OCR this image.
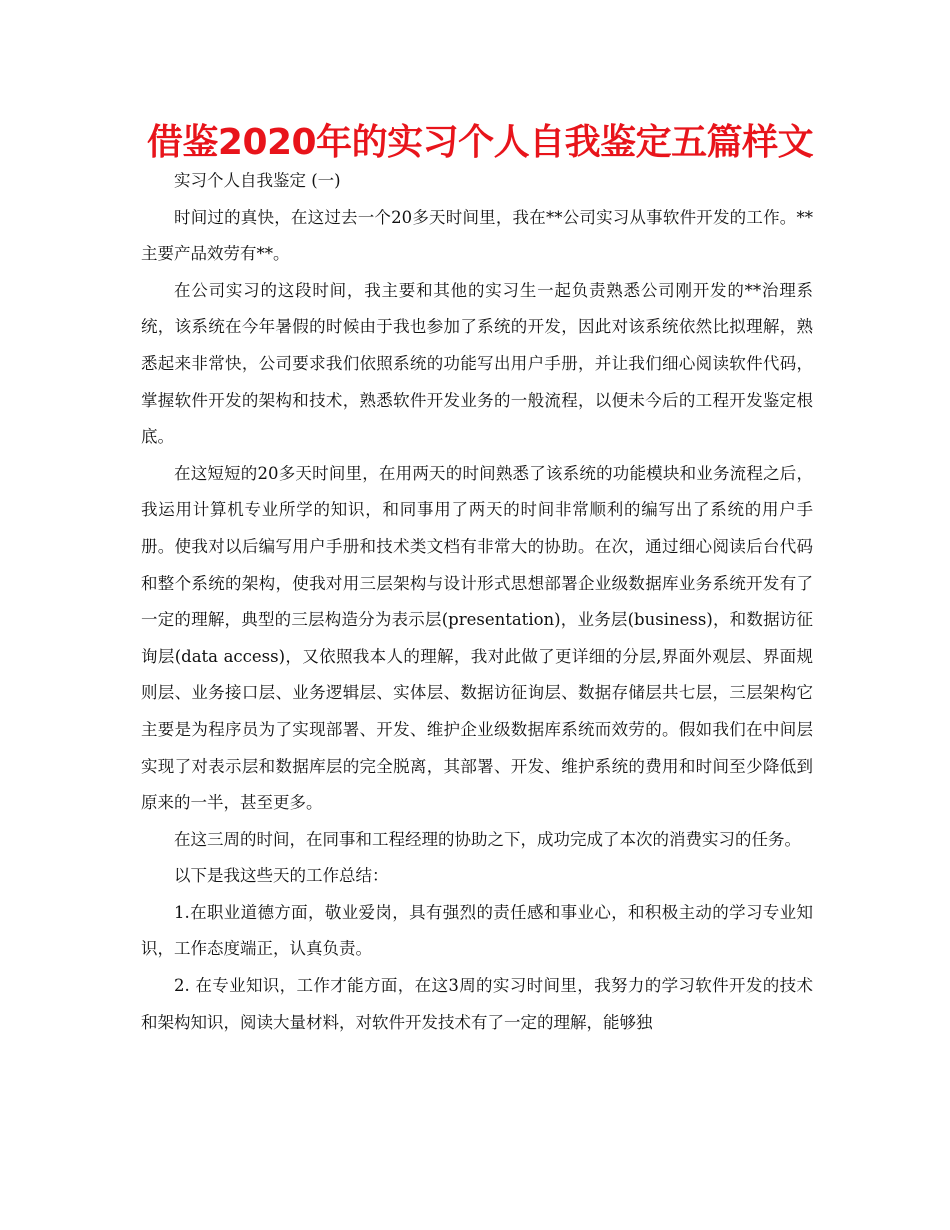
借鉴2020年的实习个人自我鉴定五篇样文

实习个人自我鉴定 (一)

时间过的真快，在这过去一个20多天时间里，我在**公司实习从事软件开发的工作。**主要产品效劳有**。

在公司实习的这段时间，我主要和其他的实习生一起负责熟悉公司刚开发的**治理系统，该系统在今年暑假的时候由于我也参加了系统的开发，因此对该系统依然比拟理解，熟悉起来非常快，公司要求我们依照系统的功能写出用户手册，并让我们细心阅读软件代码，掌握软件开发的架构和技术，熟悉软件开发业务的一般流程，以便未今后的工程开发鉴定根底。

在这短短的20多天时间里，在用两天的时间熟悉了该系统的功能模块和业务流程之后，我运用计算机专业所学的知识，和同事用了两天的时间非常顺利的编写出了系统的用户手册。使我对以后编写用户手册和技术类文档有非常大的协助。在次，通过细心阅读后台代码和整个系统的架构，使我对用三层架构与设计形式思想部署企业级数据库业务系统开发有了一定的理解，典型的三层构造分为表示层(presentation)，业务层(business)，和数据访征询层(data access)，又依照我本人的理解，我对此做了更详细的分层,界面外观层、界面规则层、业务接口层、业务逻辑层、实体层、数据访征询层、数据存储层共七层，三层架构它主要是为程序员为了实现部署、开发、维护企业级数据库系统而效劳的。假如我们在中间层实现了对表示层和数据库层的完全脱离，其部署、开发、维护系统的费用和时间至少降低到原来的一半，甚至更多。

在这三周的时间，在同事和工程经理的协助之下，成功完成了本次的消费实习的任务。

以下是我这些天的工作总结：

1.在职业道德方面，敬业爱岗，具有强烈的责任感和事业心，和积极主动的学习专业知识，工作态度端正，认真负责。

2. 在专业知识，工作才能方面，在这3周的实习时间里，我努力的学习软件开发的技术和架构知识，阅读大量材料，对软件开发技术有了一定的理解，能够独
